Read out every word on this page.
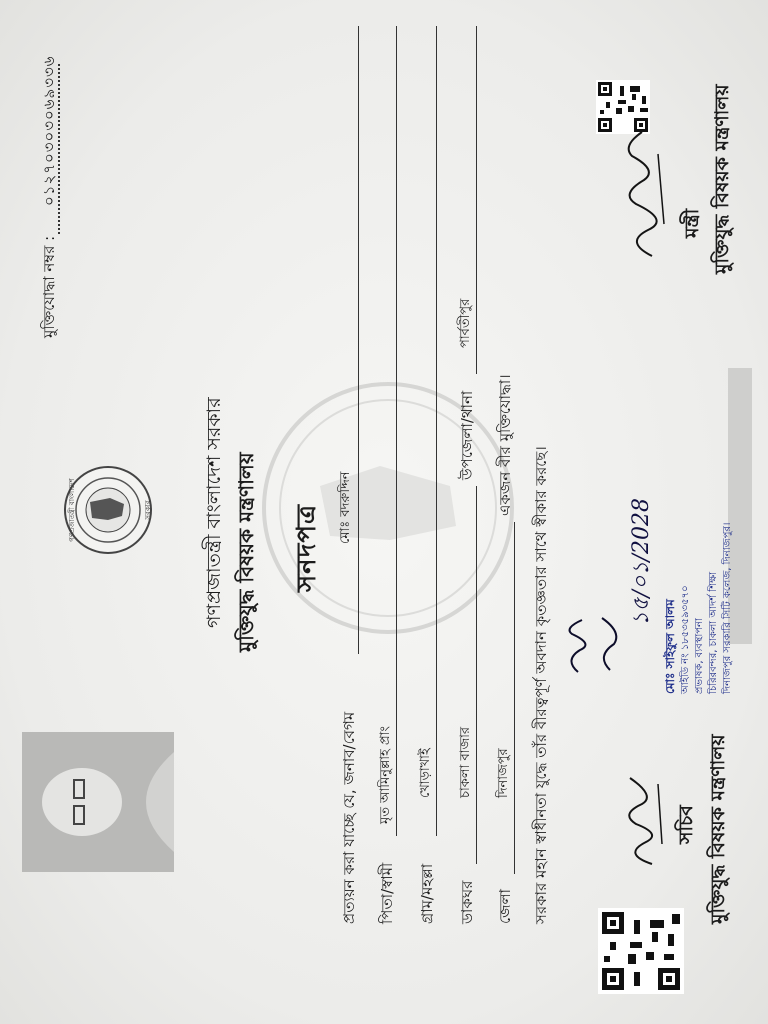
গণপ্রজাতন্ত্রী বাংলাদেশ	সরকার
মুক্তিযোদ্ধা নম্বর :
০১২৭০৩০৩০৬৯৩৩৬
গণপ্রজাতন্ত্রী বাংলাদেশ সরকার মুক্তিযুদ্ধ বিষয়ক মন্ত্রণালয় সনদপত্র
প্রত্যয়ন করা যাচ্ছে যে, জনাব/বেগম
মোঃ বদরুদ্দিন
পিতা/স্বামী
মৃত আমিনুল্লাহ প্রাং
গ্রাম/মহল্লা
খোড়াখাই
ডাকঘর
চাকলা বাজার
উপজেলা/থানা
পার্বতীপুর
জেলা
দিনাজপুর
একজন বীর মুক্তিযোদ্ধা।
সরকার মহান স্বাধীনতা যুদ্ধে তাঁর বীরত্বপূর্ণ অবদান কৃতজ্ঞতার সাথে স্বীকার করছে।	সচিব মুক্তিযুদ্ধ বিষয়ক মন্ত্রণালয়
১৫/০১/2028
মোঃ সাইফুল আলম আইডি নং ১৮৫৩৫৯৩৫৭০ প্রভাষক, ব্যবস্থাপনা চিরিরবন্দর, চাকলা আদর্শ শিক্ষা দিনাজপুর সরকারি সিটি কলেজ, দিনাজপুর।
মন্ত্রী মুক্তিযুদ্ধ বিষয়ক মন্ত্রণালয়
